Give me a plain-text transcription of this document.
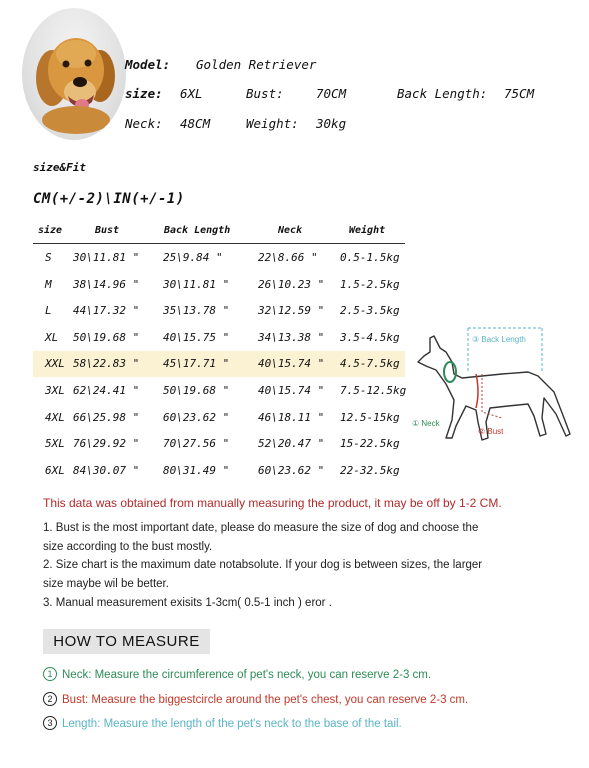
Model: Golden Retriever
size: 6XL	Bust:	70CM	Back Length: 75CM
Neck: 48CM	Weight: 30kg
size&Fit
CM(+/-2)\IN(+/-1)
size	Bust	Back Length	Neck	Weight
S 30\11.81 " 25\9.84 "	22\8.66 " 0.5-1.5kg
M 38\14.96 " 30\11.81 "	26\10.23 " 1.5-2.5kg
L 44\17.32 " 35\13.78 "	32\12.59 " 2.5-3.5kg
XL 50\19.68 " 40\15.75 "	34\13.38 " 3.5-4.5kg
XXL 58\22.83 " 45\17.71 "	40\15.74 " 4.5-7.5kg
3XL 62\24.41 " 50\19.68 "	40\15.74 " 7.5-12.5kg
4XL 66\25.98 " 60\23.62 "	46\18.11 " 12.5-15kg
5XL 76\29.92 " 70\27.56 "	52\20.47 " 15-22.5kg
6XL 84\30.07 " 80\31.49 "	60\23.62 " 22-32.5kg
③ Back Length
① Neck
② Bust
This data was obtained from manually measuring the product, it may be off by 1-2 CM.
1. Bust is the most important date, please do measure the size of dog and choose the
size according to the bust mostly.
2. Size chart is the maximum date notabsolute. If your dog is between sizes, the larger
size maybe wil be better.
3. Manual measurement exisits 1-3cm( 0.5-1 inch ) eror .
HOW TO MEASURE
1 Neck: Measure the circumference of pet's neck, you can reserve 2-3 cm.
2 Bust: Measure the biggestcircle around the pet's chest, you can reserve 2-3 cm.
3 Length: Measure the length of the pet's neck to the base of the tail.
